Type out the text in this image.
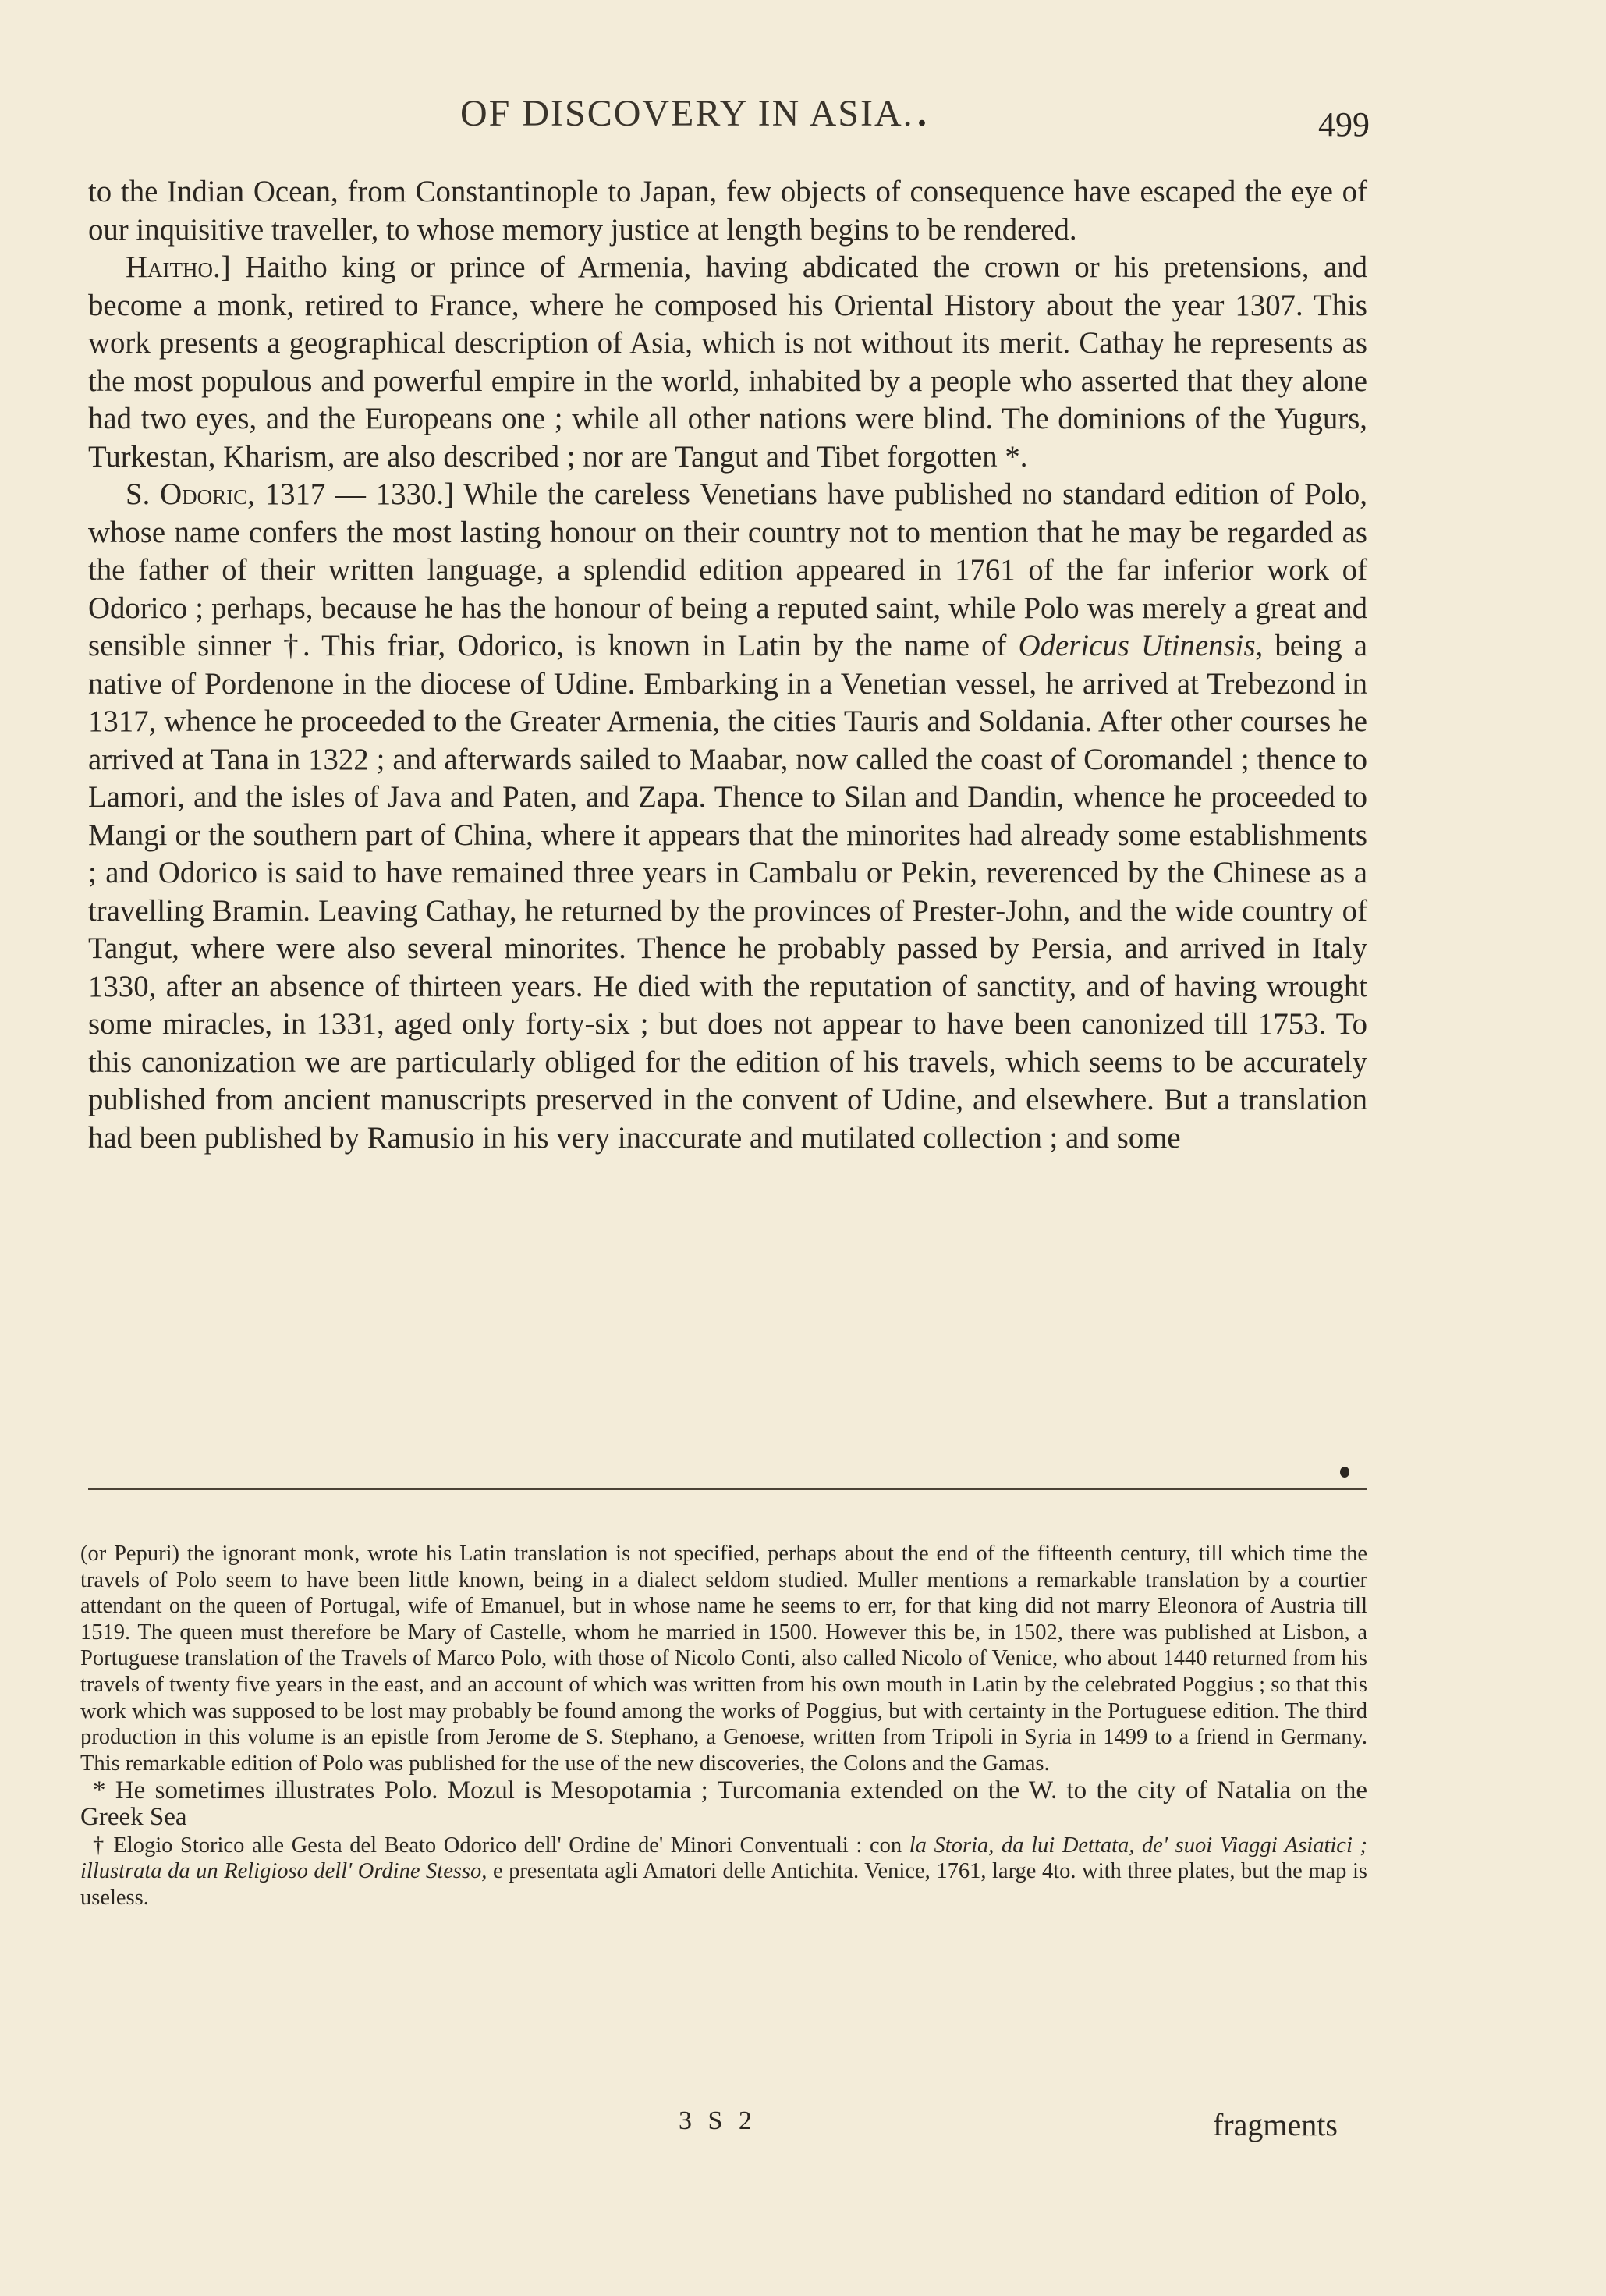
OF DISCOVERY IN ASIA. .	499

to the Indian Ocean, from Constantinople to Japan, few objects of consequence have escaped the eye of our inquisitive traveller, to whose memory justice at length begins to be rendered.

Haitho.] Haitho king or prince of Armenia, having abdicated the crown or his pretensions, and become a monk, retired to France, where he composed his Oriental History about the year 1307. This work presents a geographical description of Asia, which is not without its merit. Cathay he represents as the most populous and powerful empire in the world, inhabited by a people who asserted that they alone had two eyes, and the Europeans one ; while all other nations were blind. The dominions of the Yugurs, Turkestan, Kharism, are also described ; nor are Tangut and Tibet forgotten *.

S. Odoric, 1317 — 1330.] While the careless Venetians have published no standard edition of Polo, whose name confers the most lasting honour on their country not to mention that he may be regarded as the father of their written language, a splendid edition appeared in 1761 of the far inferior work of Odorico ; perhaps, because he has the honour of being a reputed saint, while Polo was merely a great and sensible sinner †. This friar, Odorico, is known in Latin by the name of Odericus Utinensis, being a native of Pordenone in the diocese of Udine. Embarking in a Venetian vessel, he arrived at Trebezond in 1317, whence he proceeded to the Greater Armenia, the cities Tauris and Soldania. After other courses he arrived at Tana in 1322 ; and afterwards sailed to Maabar, now called the coast of Coromandel ; thence to Lamori, and the isles of Java and Paten, and Zapa. Thence to Silan and Dandin, whence he proceeded to Mangi or the southern part of China, where it appears that the minorites had already some establishments ; and Odorico is said to have remained three years in Cambalu or Pekin, reverenced by the Chinese as a travelling Bramin. Leaving Cathay, he returned by the provinces of Prester-John, and the wide country of Tangut, where were also several minorites. Thence he probably passed by Persia, and arrived in Italy 1330, after an absence of thirteen years. He died with the reputation of sanctity, and of having wrought some miracles, in 1331, aged only forty-six ; but does not appear to have been canonized till 1753. To this canonization we are particularly obliged for the edition of his travels, which seems to be accurately published from ancient manuscripts preserved in the convent of Udine, and elsewhere. But a translation had been published by Ramusio in his very inaccurate and mutilated collection ; and some

(or Pepuri) the ignorant monk, wrote his Latin translation is not specified, perhaps about the end of the fifteenth century, till which time the travels of Polo seem to have been little known, being in a dialect seldom studied. Muller mentions a remarkable translation by a courtier attendant on the queen of Portugal, wife of Emanuel, but in whose name he seems to err, for that king did not marry Eleonora of Austria till 1519. The queen must therefore be Mary of Castelle, whom he married in 1500. However this be, in 1502, there was published at Lisbon, a Portuguese translation of the Travels of Marco Polo, with those of Nicolo Conti, also called Nicolo of Venice, who about 1440 returned from his travels of twenty five years in the east, and an account of which was written from his own mouth in Latin by the celebrated Poggius ; so that this work which was supposed to be lost may probably be found among the works of Poggius, but with certainty in the Portuguese edition. The third production in this volume is an epistle from Jerome de S. Stephano, a Genoese, written from Tripoli in Syria in 1499 to a friend in Germany. This remarkable edition of Polo was published for the use of the new discoveries, the Colons and the Gamas.

* He sometimes illustrates Polo. Mozul is Mesopotamia ; Turcomania extended on the W. to the city of Natalia on the Greek Sea

† Elogio Storico alle Gesta del Beato Odorico dell' Ordine de' Minori Conventuali : con la Storia, da lui Dettata, de' suoi Viaggi Asiatici ; illustrata da un Religioso dell' Ordine Stesso, e presentata agli Amatori delle Antichita. Venice, 1761, large 4to. with three plates, but the map is useless.

3 S 2	fragments
